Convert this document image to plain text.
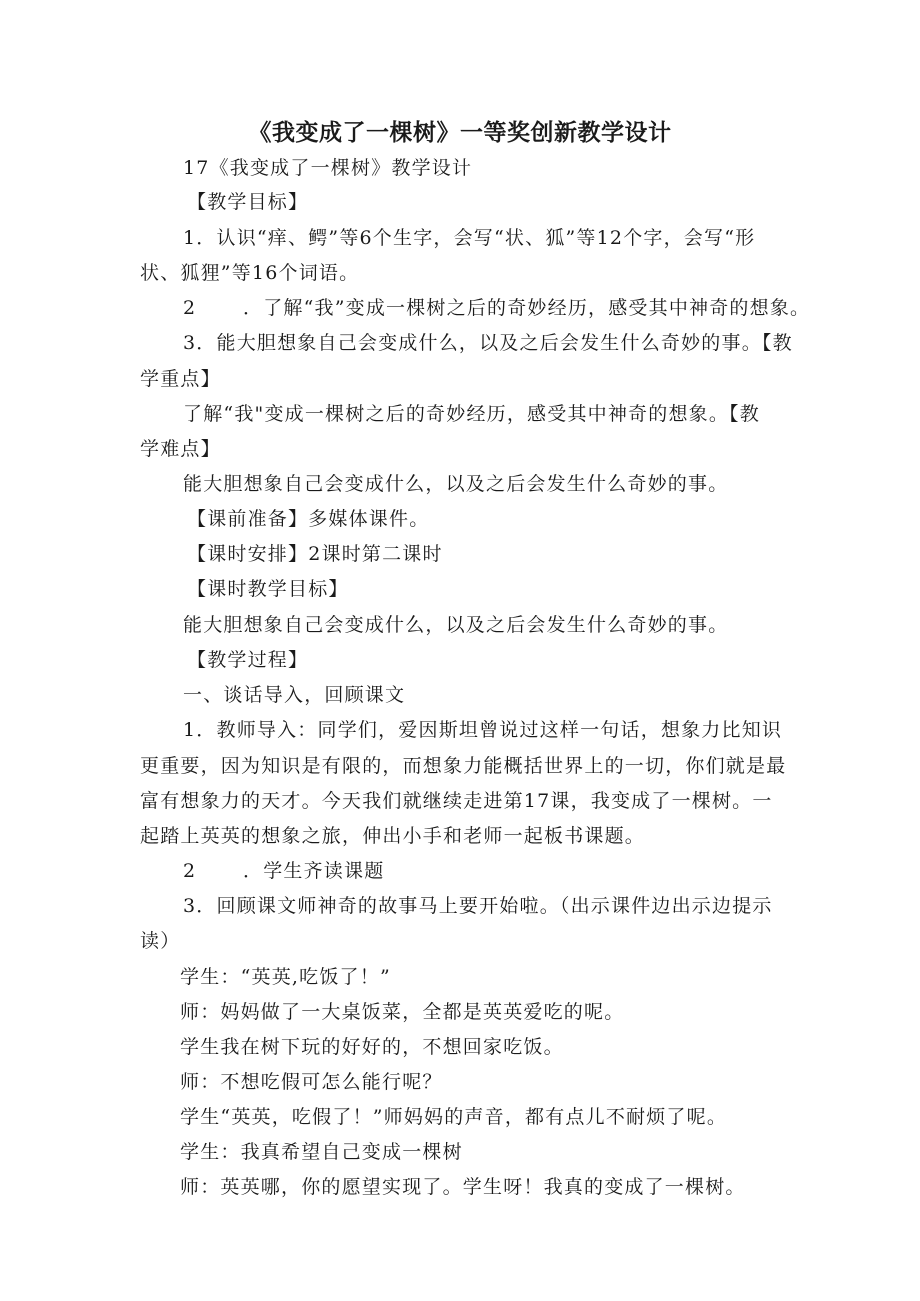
《我变成了一棵树》一等奖创新教学设计
17《我变成了一棵树》教学设计
【教学目标】
1．认识“痒、鳄”等6个生字，会写“状、狐”等12个字，会写“形
状、狐狸”等16个词语。
2 ．了解“我”变成一棵树之后的奇妙经历，感受其中神奇的想象。
3．能大胆想象自己会变成什么，以及之后会发生什么奇妙的事。【教
学重点】
了解“我"变成一棵树之后的奇妙经历，感受其中神奇的想象。【教
学难点】
能大胆想象自己会变成什么，以及之后会发生什么奇妙的事。
【课前准备】多媒体课件。
【课时安排】2课时第二课时
【课时教学目标】
能大胆想象自己会变成什么，以及之后会发生什么奇妙的事。
【教学过程】
一、谈话导入，回顾课文
1．教师导入：同学们，爱因斯坦曾说过这样一句话，想象力比知识
更重要，因为知识是有限的，而想象力能概括世界上的一切，你们就是最
富有想象力的天才。今天我们就继续走进第17课，我变成了一棵树。一
起踏上英英的想象之旅，伸出小手和老师一起板书课题。
2 ．学生齐读课题
3．回顾课文师神奇的故事马上要开始啦。（出示课件边出示边提示
读）
学生：“英英,吃饭了！”
师：妈妈做了一大桌饭菜，全都是英英爱吃的呢。
学生我在树下玩的好好的，不想回家吃饭。
师：不想吃假可怎么能行呢？
学生“英英，吃假了！”师妈妈的声音，都有点儿不耐烦了呢。
学生：我真希望自己变成一棵树
师：英英哪，你的愿望实现了。学生呀！我真的变成了一棵树。
